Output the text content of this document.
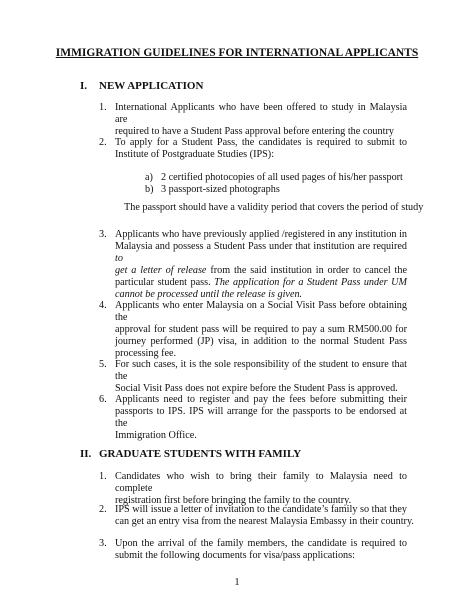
IMMIGRATION GUIDELINES FOR INTERNATIONAL APPLICANTS
I. NEW APPLICATION
1. International Applicants who have been offered to study in Malaysia are
required to have a Student Pass approval before entering the country
2. To apply for a Student Pass, the candidates is required to submit to
Institute of Postgraduate Studies (IPS):
a) 2 certified photocopies of all used pages of his/her passport
b) 3 passport-sized photographs
The passport should have a validity period that covers the period of study
3. Applicants who have previously applied /registered in any institution in
Malaysia and possess a Student Pass under that institution are required to
get a letter of release from the said institution in order to cancel the
particular student pass. The application for a Student Pass under UM
cannot be processed until the release is given.
4. Applicants who enter Malaysia on a Social Visit Pass before obtaining the
approval for student pass will be required to pay a sum RM500.00 for
journey performed (JP) visa, in addition to the normal Student Pass
processing fee.
5. For such cases, it is the sole responsibility of the student to ensure that the
Social Visit Pass does not expire before the Student Pass is approved.
6. Applicants need to register and pay the fees before submitting their
passports to IPS. IPS will arrange for the passports to be endorsed at the
Immigration Office.
II. GRADUATE STUDENTS WITH FAMILY
1. Candidates who wish to bring their family to Malaysia need to complete
registration first before bringing the family to the country.
2. IPS will issue a letter of invitation to the candidate’s family so that they
can get an entry visa from the nearest Malaysia Embassy in their country.
3. Upon the arrival of the family members, the candidate is required to
submit the following documents for visa/pass applications:
1
